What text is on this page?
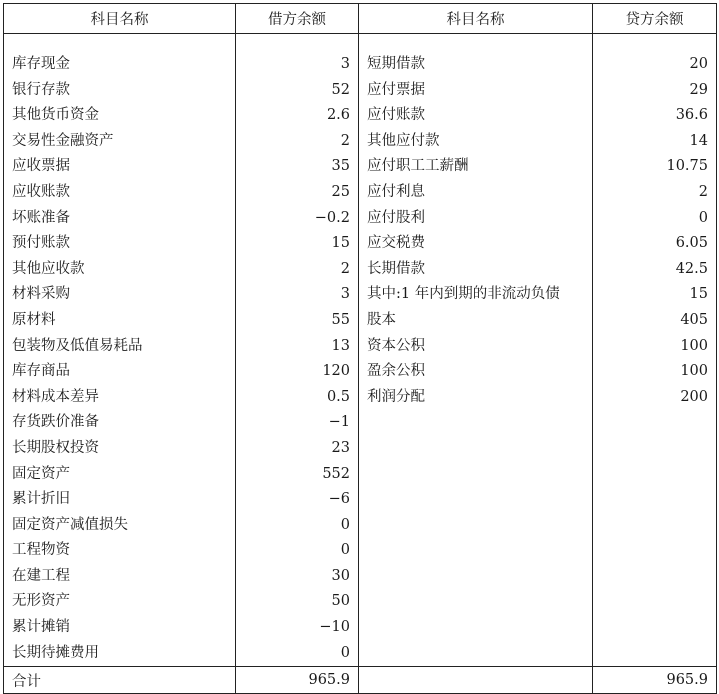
科目名称	借方余额	科目名称	贷方余额

库存现金	3	短期借款	20
银行存款	52	应付票据	29
其他货币资金	2.6	应付账款	36.6
交易性金融资产	2	其他应付款	14
应收票据	35	应付职工工薪酬	10.75
应收账款	25	应付利息	2
坏账准备	−0.2	应付股利	0
预付账款	15	应交税费	6.05
其他应收款	2	长期借款	42.5
材料采购	3	其中:1 年内到期的非流动负债	15
原材料	55	股本	405
包装物及低值易耗品	13	资本公积	100
库存商品	120	盈余公积	100
材料成本差异	0.5	利润分配	200
存货跌价准备	−1		
长期股权投资	23		
固定资产	552		
累计折旧	−6		
固定资产减值损失	0		
工程物资	0		
在建工程	30		
无形资产	50		
累计摊销	−10		
长期待摊费用	0		
合计	965.9		965.9
